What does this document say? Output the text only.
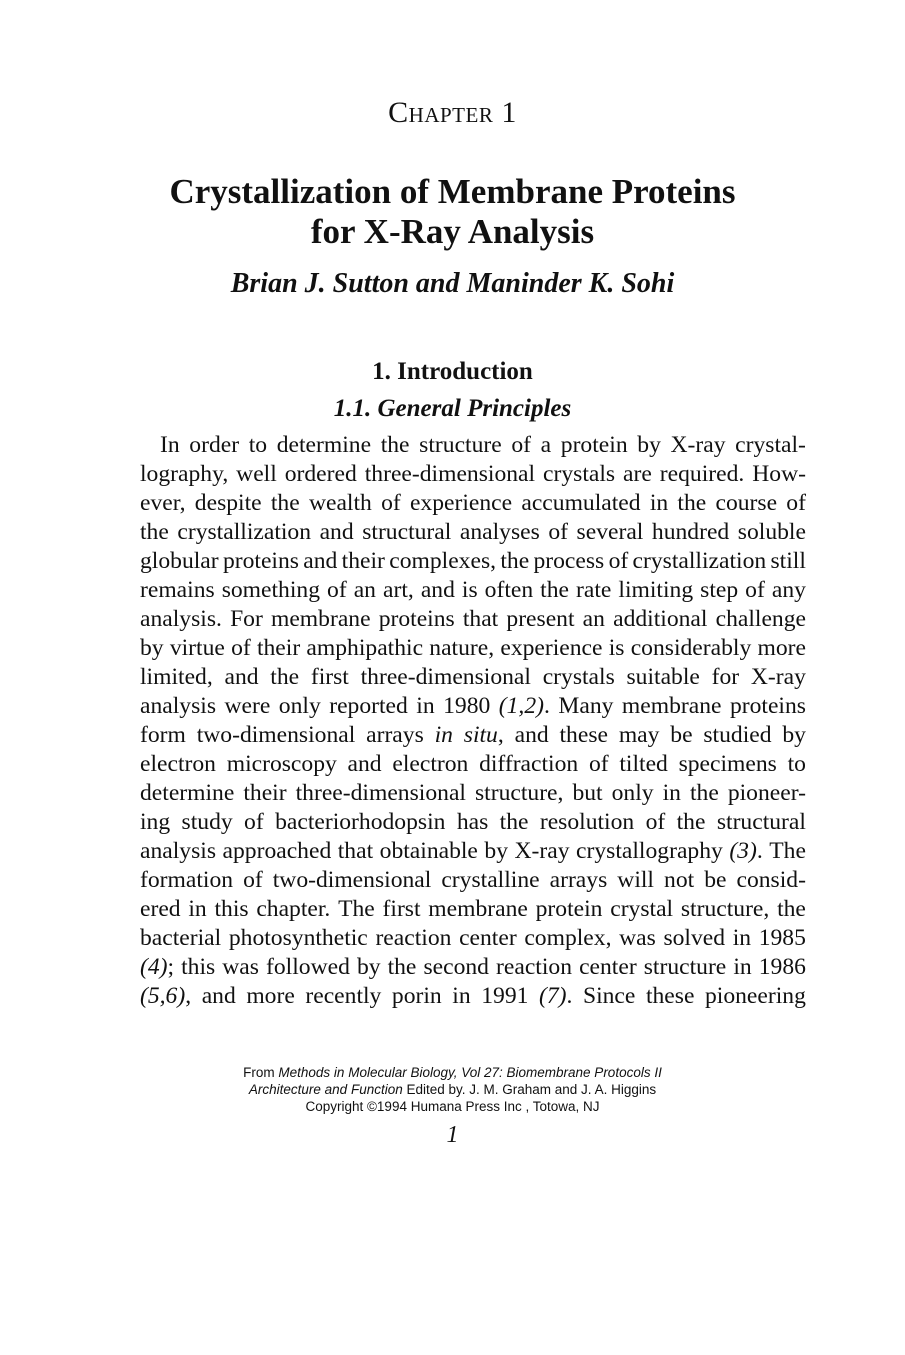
Chapter 1
Crystallization of Membrane Proteins
for X-Ray Analysis
Brian J. Sutton and Maninder K. Sohi
1. Introduction
1.1. General Principles
In order to determine the structure of a protein by X-ray crystal-
lography, well ordered three-dimensional crystals are required. How-
ever, despite the wealth of experience accumulated in the course of
the crystallization and structural analyses of several hundred soluble
globular proteins and their complexes, the process of crystallization still
remains something of an art, and is often the rate limiting step of any
analysis. For membrane proteins that present an additional challenge
by virtue of their amphipathic nature, experience is considerably more
limited, and the first three-dimensional crystals suitable for X-ray
analysis were only reported in 1980 (1,2). Many membrane proteins
form two-dimensional arrays in situ, and these may be studied by
electron microscopy and electron diffraction of tilted specimens to
determine their three-dimensional structure, but only in the pioneer-
ing study of bacteriorhodopsin has the resolution of the structural
analysis approached that obtainable by X-ray crystallography (3). The
formation of two-dimensional crystalline arrays will not be consid-
ered in this chapter. The first membrane protein crystal structure, the
bacterial photosynthetic reaction center complex, was solved in 1985
(4); this was followed by the second reaction center structure in 1986
(5,6), and more recently porin in 1991 (7). Since these pioneering
From Methods in Molecular Biology, Vol 27: Biomembrane Protocols II
Architecture and Function Edited by. J. M. Graham and J. A. Higgins
Copyright ©1994 Humana Press Inc , Totowa, NJ
1
